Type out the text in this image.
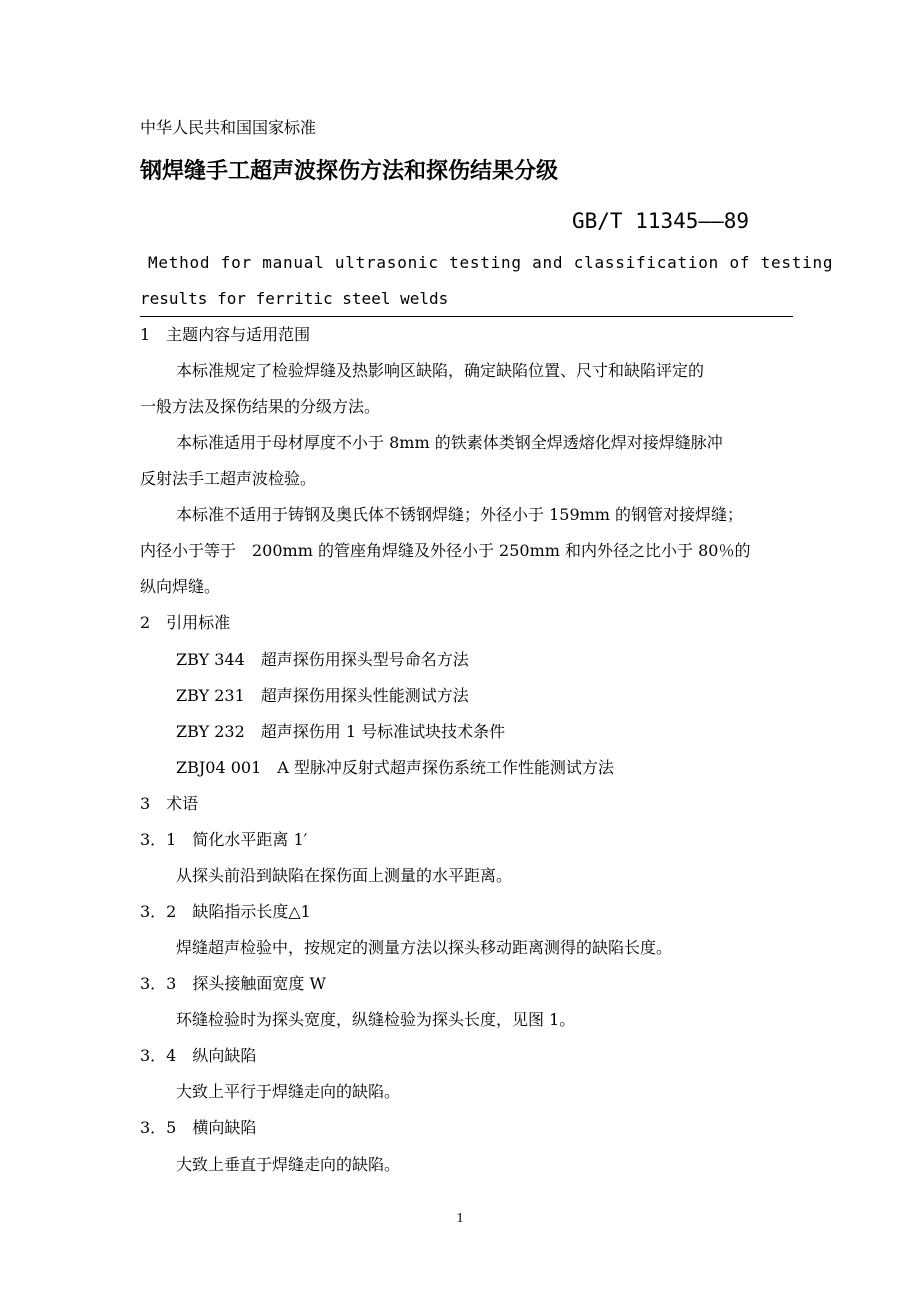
中华人民共和国国家标准
钢焊缝手工超声波探伤方法和探伤结果分级
GB/T 11345——89
Method for manual ultrasonic testing and classification of testing
results for ferritic steel welds
1　主题内容与适用范围
本标准规定了检验焊缝及热影响区缺陷，确定缺陷位置、尺寸和缺陷评定的
一般方法及探伤结果的分级方法。
本标准适用于母材厚度不小于 8mm 的铁素体类钢全焊透熔化焊对接焊缝脉冲
反射法手工超声波检验。
本标准不适用于铸钢及奥氏体不锈钢焊缝；外径小于 159mm 的钢管对接焊缝；
内径小于等于　200mm 的管座角焊缝及外径小于 250mm 和内外径之比小于 80％的
纵向焊缝。
2　引用标准
ZBY 344　超声探伤用探头型号命名方法
ZBY 231　超声探伤用探头性能测试方法
ZBY 232　超声探伤用 1 号标准试块技术条件
ZBJ04 001　A 型脉冲反射式超声探伤系统工作性能测试方法
3　术语
3．1　简化水平距离 1′
从探头前沿到缺陷在探伤面上测量的水平距离。
3．2　缺陷指示长度△1
焊缝超声检验中，按规定的测量方法以探头移动距离测得的缺陷长度。
3．3　探头接触面宽度 W
环缝检验时为探头宽度，纵缝检验为探头长度，见图 1。
3．4　纵向缺陷
大致上平行于焊缝走向的缺陷。
3．5　横向缺陷
大致上垂直于焊缝走向的缺陷。
1
